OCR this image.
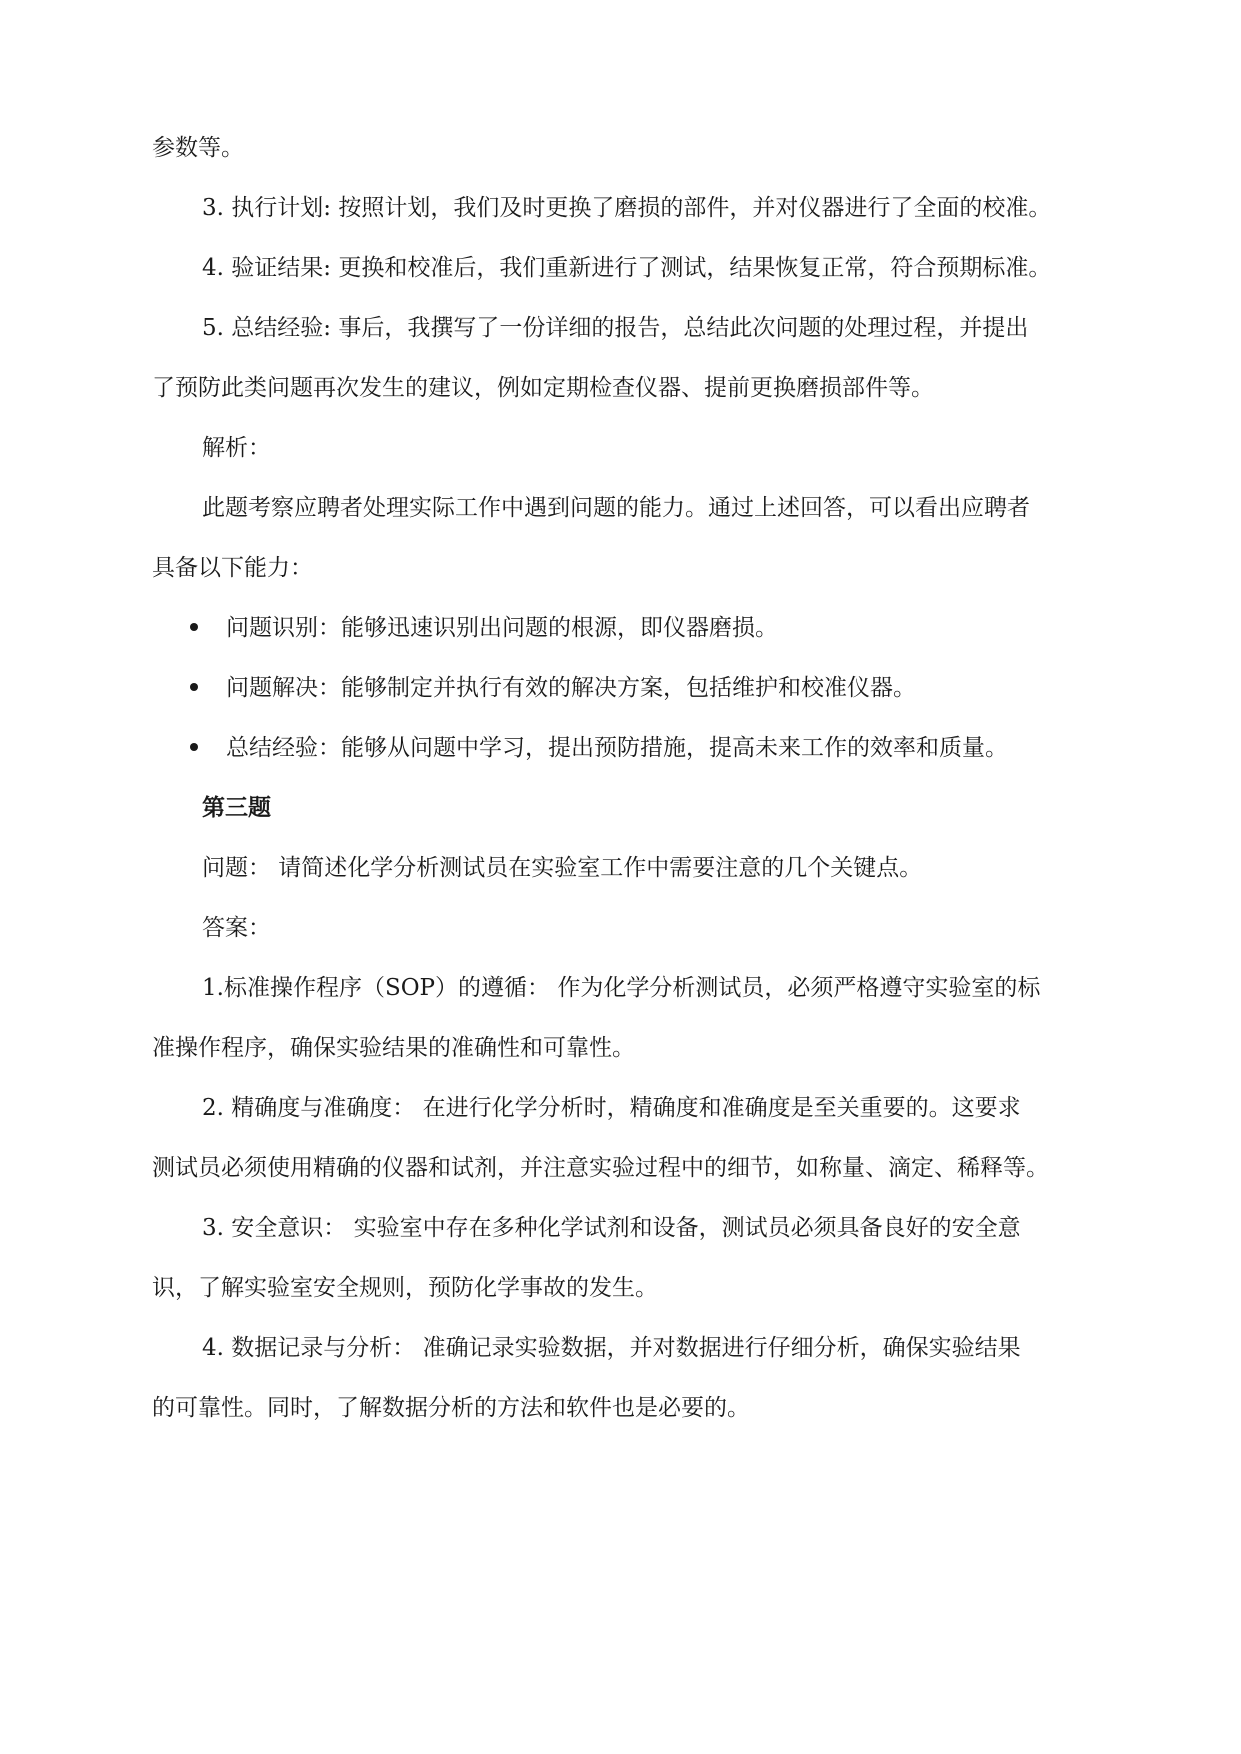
参数等。
3. 执行计划: 按照计划，我们及时更换了磨损的部件，并对仪器进行了全面的校准。
4. 验证结果: 更换和校准后，我们重新进行了测试，结果恢复正常，符合预期标准。
5. 总结经验: 事后，我撰写了一份详细的报告，总结此次问题的处理过程，并提出
了预防此类问题再次发生的建议，例如定期检查仪器、提前更换磨损部件等。
解析：
此题考察应聘者处理实际工作中遇到问题的能力。通过上述回答，可以看出应聘者
具备以下能力：
问题识别：能够迅速识别出问题的根源，即仪器磨损。
问题解决：能够制定并执行有效的解决方案，包括维护和校准仪器。
总结经验：能够从问题中学习，提出预防措施，提高未来工作的效率和质量。
第三题
问题： 请简述化学分析测试员在实验室工作中需要注意的几个关键点。
答案：
1.标准操作程序（SOP）的遵循： 作为化学分析测试员，必须严格遵守实验室的标
准操作程序，确保实验结果的准确性和可靠性。
2. 精确度与准确度： 在进行化学分析时，精确度和准确度是至关重要的。这要求
测试员必须使用精确的仪器和试剂，并注意实验过程中的细节，如称量、滴定、稀释等。
3. 安全意识： 实验室中存在多种化学试剂和设备，测试员必须具备良好的安全意
识，了解实验室安全规则，预防化学事故的发生。
4. 数据记录与分析： 准确记录实验数据，并对数据进行仔细分析，确保实验结果
的可靠性。同时，了解数据分析的方法和软件也是必要的。
